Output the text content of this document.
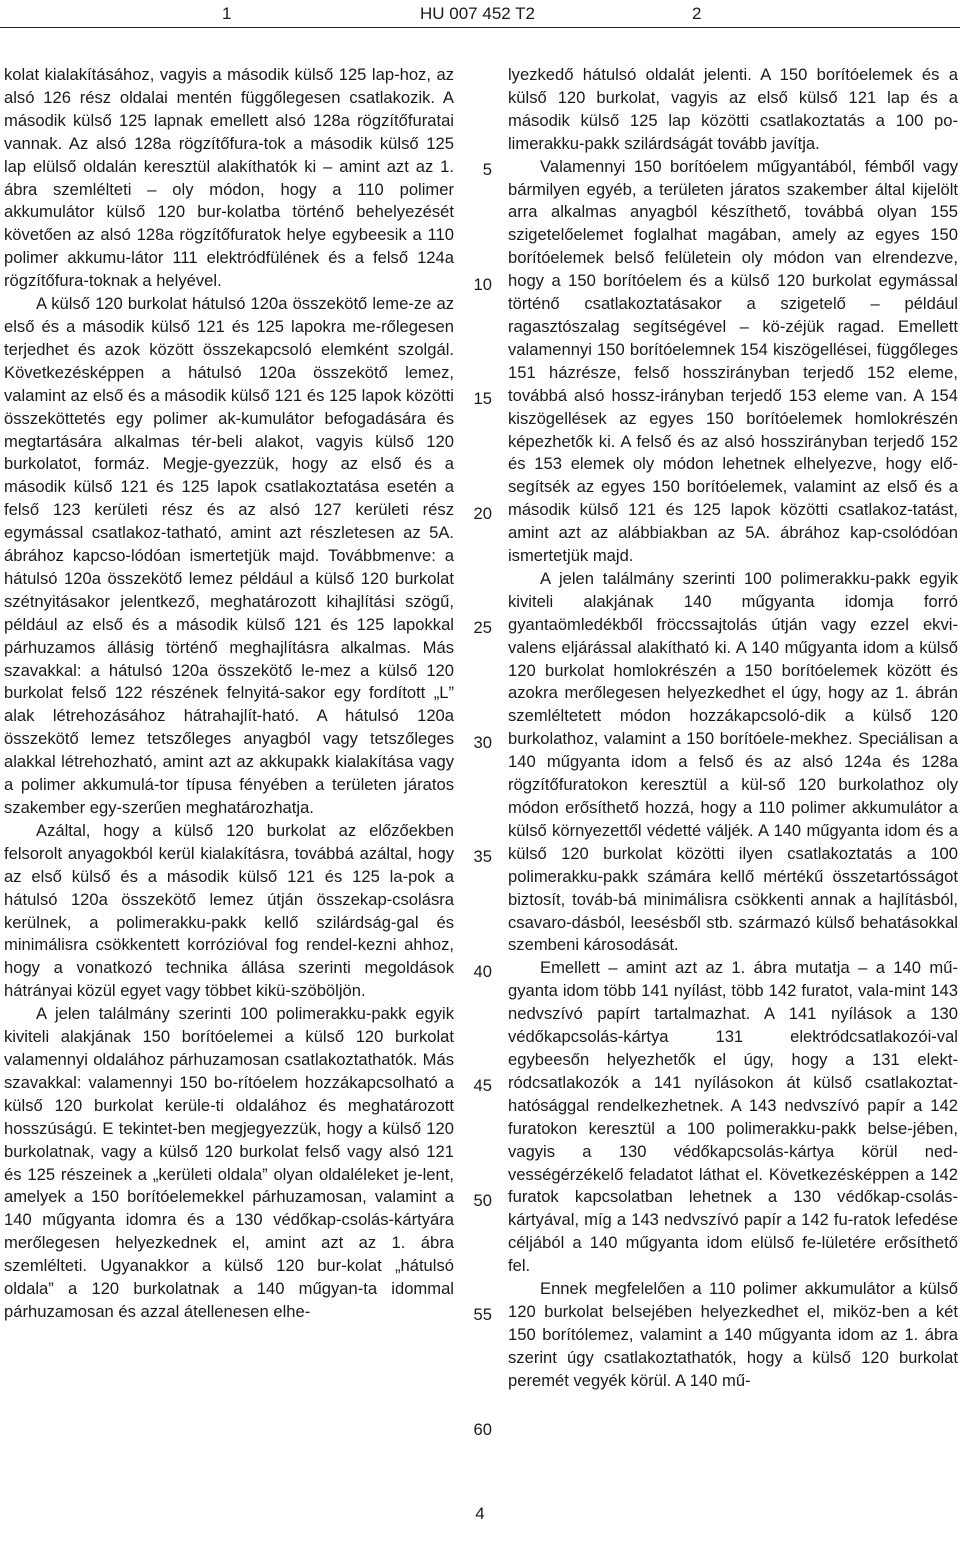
1	HU 007 452 T2	2

kolat kialakításához, vagyis a második külső 125 lap-hoz, az alsó 126 rész oldalai mentén függőlegesen csatlakozik. A második külső 125 lapnak emellett alsó 128a rögzítőfuratai vannak. Az alsó 128a rögzítőfura-tok a második külső 125 lap elülső oldalán keresztül alakíthatók ki – amint azt az 1. ábra szemlélteti – oly módon, hogy a 110 polimer akkumulátor külső 120 bur-kolatba történő behelyezését követően az alsó 128a rögzítőfuratok helye egybeesik a 110 polimer akkumu-látor 111 elektródfülének és a felső 124a rögzítőfura-toknak a helyével.

A külső 120 burkolat hátulsó 120a összekötő leme-ze az első és a második külső 121 és 125 lapokra me-rőlegesen terjedhet és azok között összekapcsoló elemként szolgál. Következésképpen a hátulsó 120a összekötő lemez, valamint az első és a második külső 121 és 125 lapok közötti összeköttetés egy polimer ak-kumulátor befogadására és megtartására alkalmas tér-beli alakot, vagyis külső 120 burkolatot, formáz. Megje-gyezzük, hogy az első és a második külső 121 és 125 lapok csatlakoztatása esetén a felső 123 kerületi rész és az alsó 127 kerületi rész egymással csatlakoz-tatható, amint azt részletesen az 5A. ábrához kapcso-lódóan ismertetjük majd. Továbbmenve: a hátulsó 120a összekötő lemez például a külső 120 burkolat szétnyitásakor jelentkező, meghatározott kihajlítási szögű, például az első és a második külső 121 és 125 lapokkal párhuzamos állásig történő meghajlításra alkalmas. Más szavakkal: a hátulsó 120a összekötő le-mez a külső 120 burkolat felső 122 részének felnyitá-sakor egy fordított „L” alak létrehozásához hátrahajlít-ható. A hátulsó 120a összekötő lemez tetszőleges anyagból vagy tetszőleges alakkal létrehozható, amint azt az akkupakk kialakítása vagy a polimer akkumulá-tor típusa fényében a területen járatos szakember egy-szerűen meghatározhatja.

Azáltal, hogy a külső 120 burkolat az előzőekben felsorolt anyagokból kerül kialakításra, továbbá azáltal, hogy az első külső és a második külső 121 és 125 la-pok a hátulsó 120a összekötő lemez útján összekap-csolásra kerülnek, a polimerakku-pakk kellő szilárdság-gal és minimálisra csökkentett korrózióval fog rendel-kezni ahhoz, hogy a vonatkozó technika állása szerinti megoldások hátrányai közül egyet vagy többet kikü-szöböljön.

A jelen találmány szerinti 100 polimerakku-pakk egyik kiviteli alakjának 150 borítóelemei a külső 120 burkolat valamennyi oldalához párhuzamosan csatlakoztathatók. Más szavakkal: valamennyi 150 bo-rítóelem hozzákapcsolható a külső 120 burkolat kerüle-ti oldalához és meghatározott hosszúságú. E tekintet-ben megjegyezzük, hogy a külső 120 burkolatnak, vagy a külső 120 burkolat felső vagy alsó 121 és 125 részeinek a „kerületi oldala” olyan oldaléleket je-lent, amelyek a 150 borítóelemekkel párhuzamosan, valamint a 140 műgyanta idomra és a 130 védőkap-csolás-kártyára merőlegesen helyezkednek el, amint azt az 1. ábra szemlélteti. Ugyanakkor a külső 120 bur-kolat „hátulsó oldala” a 120 burkolatnak a 140 műgyan-ta idommal párhuzamosan és azzal átellenesen elhe-

5
10
15
20
25
30
35
40
45
50
55
60

lyezkedő hátulsó oldalát jelenti. A 150 borítóelemek és a külső 120 burkolat, vagyis az első külső 121 lap és a második külső 125 lap közötti csatlakoztatás a 100 po-limerakku-pakk szilárdságát tovább javítja.

Valamennyi 150 borítóelem műgyantából, fémből vagy bármilyen egyéb, a területen járatos szakember által kijelölt arra alkalmas anyagból készíthető, továbbá olyan 155 szigetelőelemet foglalhat magában, amely az egyes 150 borítóelemek belső felületein oly módon van elrendezve, hogy a 150 borítóelem és a külső 120 burkolat egymással történő csatlakoztatásakor a szigetelő – például ragasztószalag segítségével – kö-zéjük ragad. Emellett valamennyi 150 borítóelemnek 154 kiszögellései, függőleges 151 házrésze, felső hosszirányban terjedő 152 eleme, továbbá alsó hossz-irányban terjedő 153 eleme van. A 154 kiszögellések az egyes 150 borítóelemek homlokrészén képezhetők ki. A felső és az alsó hosszirányban terjedő 152 és 153 elemek oly módon lehetnek elhelyezve, hogy elő-segítsék az egyes 150 borítóelemek, valamint az első és a második külső 121 és 125 lapok közötti csatlakoz-tatást, amint azt az alábbiakban az 5A. ábrához kap-csolódóan ismertetjük majd.

A jelen találmány szerinti 100 polimerakku-pakk egyik kiviteli alakjának 140 műgyanta idomja forró gyantaömledékből fröccssajtolás útján vagy ezzel ekvi-valens eljárással alakítható ki. A 140 műgyanta idom a külső 120 burkolat homlokrészén a 150 borítóelemek között és azokra merőlegesen helyezkedhet el úgy, hogy az 1. ábrán szemléltetett módon hozzákapcsoló-dik a külső 120 burkolathoz, valamint a 150 borítóele-mekhez. Speciálisan a 140 műgyanta idom a felső és az alsó 124a és 128a rögzítőfuratokon keresztül a kül-ső 120 burkolathoz oly módon erősíthető hozzá, hogy a 110 polimer akkumulátor a külső környezettől védetté váljék. A 140 műgyanta idom és a külső 120 burkolat közötti ilyen csatlakoztatás a 100 polimerakku-pakk számára kellő mértékű összetartósságot biztosít, továb-bá minimálisra csökkenti annak a hajlításból, csavaro-dásból, leesésből stb. származó külső behatásokkal szembeni károsodását.

Emellett – amint azt az 1. ábra mutatja – a 140 mű-gyanta idom több 141 nyílást, több 142 furatot, vala-mint 143 nedvszívó papírt tartalmazhat. A 141 nyílások a 130 védőkapcsolás-kártya 131 elektródcsatlakozói-val egybeesőn helyezhetők el úgy, hogy a 131 elekt-ródcsatlakozók a 141 nyílásokon át külső csatlakoztat-hatósággal rendelkezhetnek. A 143 nedvszívó papír a 142 furatokon keresztül a 100 polimerakku-pakk belse-jében, vagyis a 130 védőkapcsolás-kártya körül ned-vességérzékelő feladatot láthat el. Következésképpen a 142 furatok kapcsolatban lehetnek a 130 védőkap-csolás-kártyával, míg a 143 nedvszívó papír a 142 fu-ratok lefedése céljából a 140 műgyanta idom elülső fe-lületére erősíthető fel.

Ennek megfelelően a 110 polimer akkumulátor a külső 120 burkolat belsejében helyezkedhet el, miköz-ben a két 150 borítólemez, valamint a 140 műgyanta idom az 1. ábra szerint úgy csatlakoztathatók, hogy a külső 120 burkolat peremét vegyék körül. A 140 mű-

4
